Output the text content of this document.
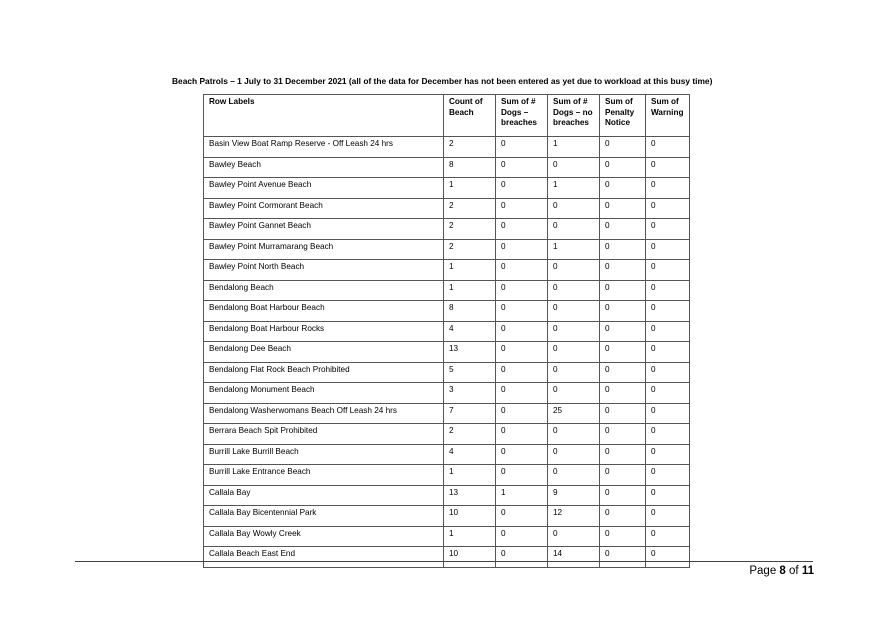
Beach Patrols – 1 July to 31 December 2021 (all of the data for December has not been entered as yet due to workload at this busy time)
Row Labels	Count of Beach	Sum of # Dogs – breaches	Sum of # Dogs – no breaches	Sum of Penalty Notice	Sum of Warning
Basin View Boat Ramp Reserve - Off Leash 24 hrs	2	0	1	0	0
Bawley Beach	8	0	0	0	0
Bawley Point Avenue Beach	1	0	1	0	0
Bawley Point Cormorant Beach	2	0	0	0	0
Bawley Point Gannet Beach	2	0	0	0	0
Bawley Point Murramarang Beach	2	0	1	0	0
Bawley Point North Beach	1	0	0	0	0
Bendalong Beach	1	0	0	0	0
Bendalong Boat Harbour Beach	8	0	0	0	0
Bendalong Boat Harbour Rocks	4	0	0	0	0
Bendalong Dee Beach	13	0	0	0	0
Bendalong Flat Rock Beach Prohibited	5	0	0	0	0
Bendalong Monument Beach	3	0	0	0	0
Bendalong Washerwomans Beach Off Leash 24 hrs	7	0	25	0	0
Berrara Beach Spit Prohibited	2	0	0	0	0
Burrill Lake Burrill Beach	4	0	0	0	0
Burrill Lake Entrance Beach	1	0	0	0	0
Callala Bay	13	1	9	0	0
Callala Bay Bicentennial Park	10	0	12	0	0
Callala Bay Wowly Creek	1	0	0	0	0
Callala Beach East End	10	0	14	0	0
Page 8 of 11
